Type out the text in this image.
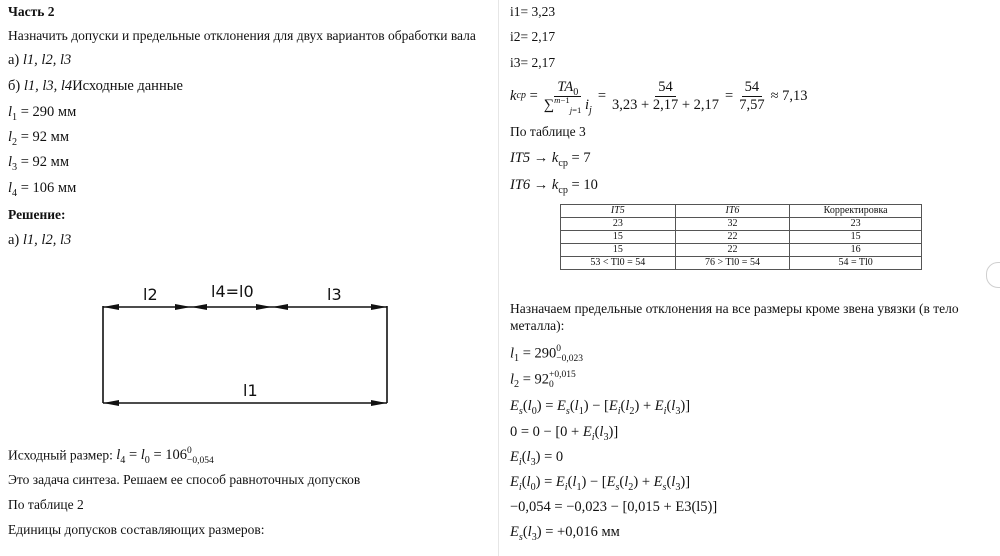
Часть 2
Назначить допуски и предельные отклонения для двух вариантов обработки вала
а) l1, l2, l3
б) l1, l3, l4Исходные данные
$l_1 = 290$ мм
$l_2 = 92$ мм
$l_3 = 92$ мм
$l_4 = 106$ мм
Решение:
а) l1, l2, l3
l2	l4=l0	l3
l1
Исходный размер: $l_4 = l_0 = 106$ 0
−0,054
Это задача синтеза. Решаем ее способ равноточных допусков
По таблице 2
Единицы допусков составляющих размеров:
i1= 3,23
i2= 2,17
i3= 2,17
k cp = $\frac{TA_0}{\sum^{m-1}_{j=1} i_j} = \frac{54}{3,23 + 2,17 + 2,17} = \frac{54}{7,57} \approx 7,13$
По таблице 3
$IT5 \to k_{ср} = 7$
$IT6 \to k_{ср} = 10$
IT5	IT6	Корректировка
23	32	23
15	22	15
15	22	16
53 < Tl0 = 54	76 > Tl0 = 54	54 = Tl0
Назначаем предельные отклонения на все размеры кроме звена увязки (в тело
металла):
$l_1 = 290$ 0
−0,023
$l_2 = 92 +0,015$
0
$E_s(l_0) = E_s(l_1) - [E_i(l_2) + E_i(l_3)]$
$0 = 0 - [0 + E_i(l_3)]$
$E_i(l_3) = 0$
$E_i(l_0) = E_i(l_1) - [E_s(l_2) + E_s(l_3)]$
−0,054 = −0,023 − [0,015 + E3(l5)]
$E_s(l_3) = +0,016$ мм
